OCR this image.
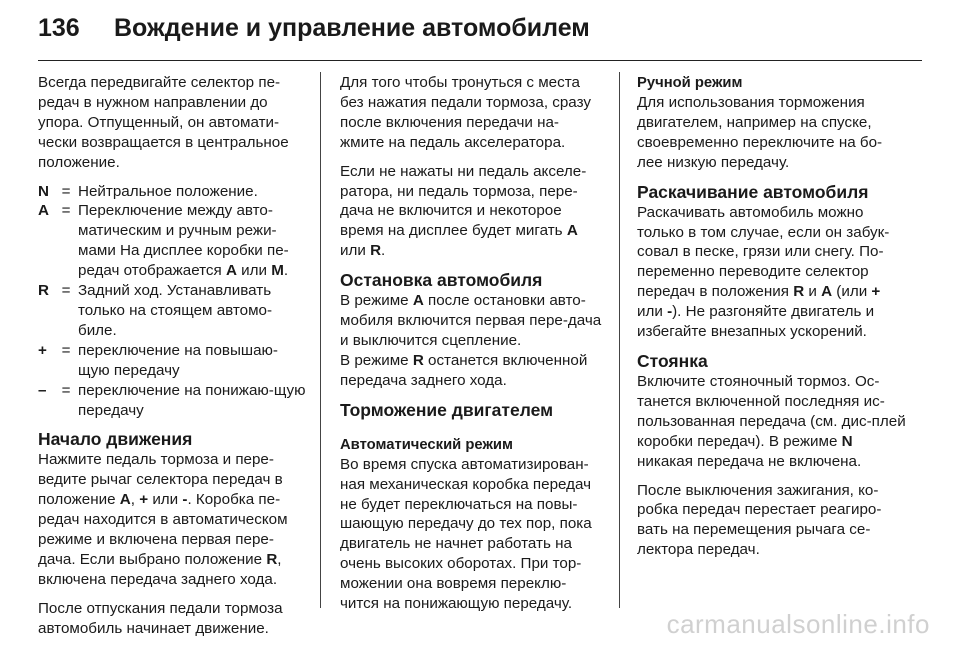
136	Вождение и управление автомобилем

Всегда передвигайте селектор пе-редач в нужном направлении до упора. Отпущенный, он автомати-чески возвращается в центральное положение.

N = Нейтральное положение.
A = Переключение между авто-матическим и ручным режи-мами На дисплее коробки пе-редач отображается A или M.
R = Задний ход. Устанавливать только на стоящем автомо-биле.
+ = переключение на повышаю-щую передачу
– = переключение на понижаю-щую передачу
Начало движения

Нажмите педаль тормоза и пере-ведите рычаг селектора передач в положение A, + или -. Коробка пе-редач находится в автоматическом режиме и включена первая пере-дача. Если выбрано положение R, включена передача заднего хода.

После отпускания педали тормоза автомобиль начинает движение.

Для того чтобы тронуться с места без нажатия педали тормоза, сразу после включения передачи на-жмите на педаль акселератора.

Если не нажаты ни педаль акселе-ратора, ни педаль тормоза, пере-дача не включится и некоторое время на дисплее будет мигать A или R.

Остановка автомобиля

В режиме A после остановки авто-мобиля включится первая пере-дача и выключится сцепление.

В режиме R останется включенной передача заднего хода.

Торможение двигателем
Автоматический режим

Во время спуска автоматизирован-ная механическая коробка передач не будет переключаться на повы-шающую передачу до тех пор, пока двигатель не начнет работать на очень высоких оборотах. При тор-можении она вовремя переклю-чится на понижающую передачу.

Ручной режим

Для использования торможения двигателем, например на спуске, своевременно переключите на бо-лее низкую передачу.

Раскачивание автомобиля

Раскачивать автомобиль можно только в том случае, если он забук-совал в песке, грязи или снегу. По-переменно переводите селектор передач в положения R и A (или + или -). Не разгоняйте двигатель и избегайте внезапных ускорений.

Стоянка

Включите стояночный тормоз. Ос-танется включенной последняя ис-пользованная передача (см. дис-плей коробки передач). В режиме N никакая передача не включена.

После выключения зажигания, ко-робка передач перестает реагиро-вать на перемещения рычага се-лектора передач.

carmanualsonline.info
